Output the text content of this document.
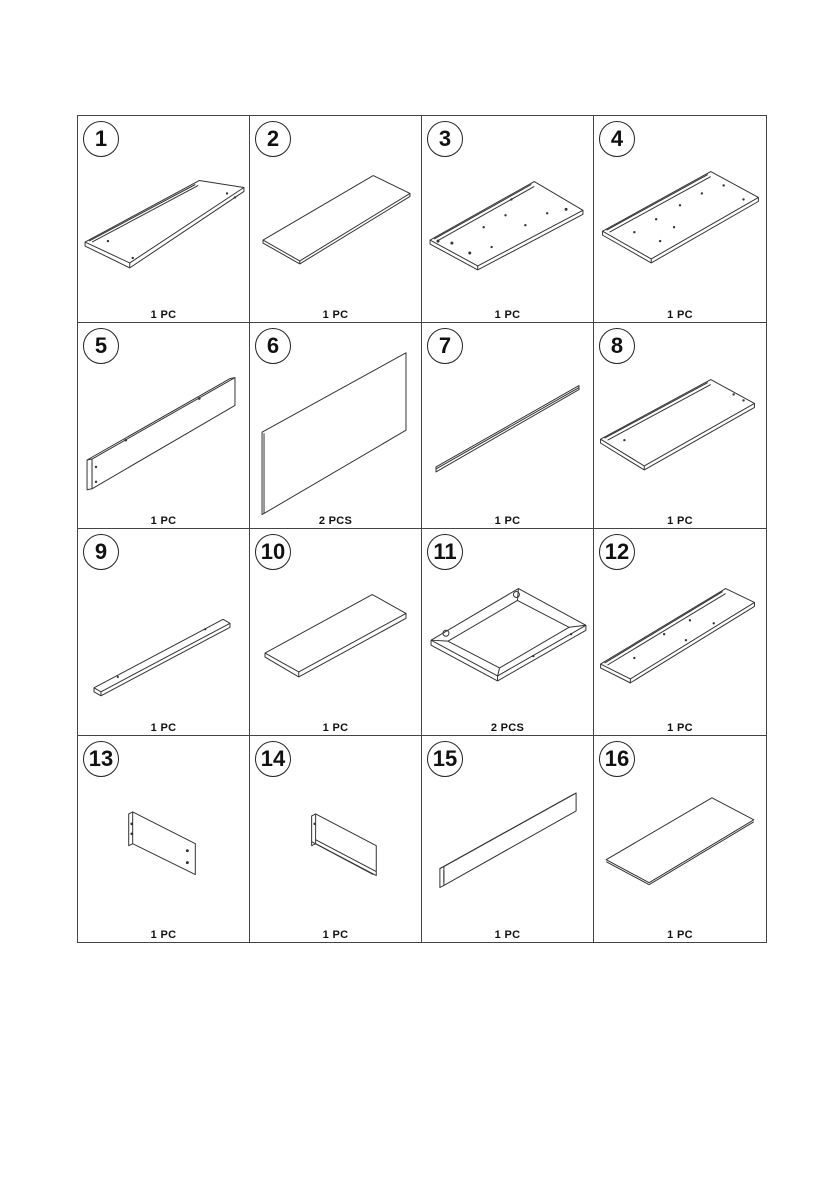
1
1 PC
2
1 PC
3
1 PC
4
1 PC
5
1 PC
6
2 PCS
7
1 PC
8
1 PC
9
1 PC
10
1 PC
11
2 PCS
12
1 PC
13
1 PC
14
1 PC
15
1 PC
16
1 PC
